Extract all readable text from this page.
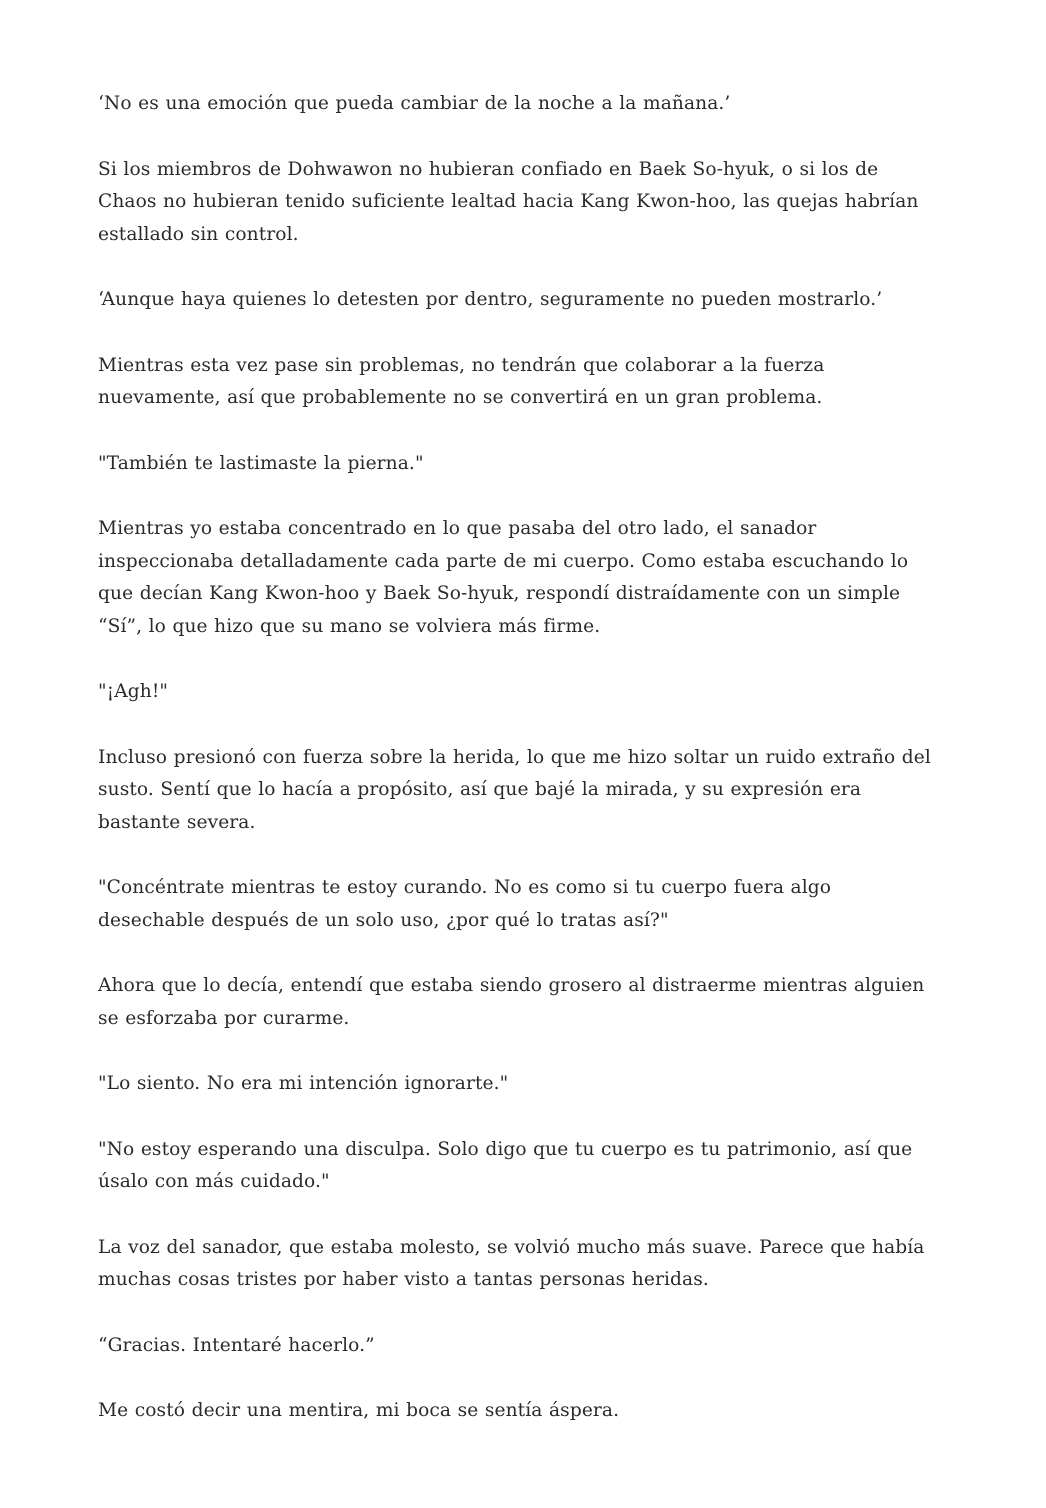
‘No es una emoción que pueda cambiar de la noche a la mañana.’

Si los miembros de Dohwawon no hubieran confiado en Baek So-hyuk, o si los de Chaos no hubieran tenido suficiente lealtad hacia Kang Kwon-hoo, las quejas habrían estallado sin control.

‘Aunque haya quienes lo detesten por dentro, seguramente no pueden mostrarlo.’

Mientras esta vez pase sin problemas, no tendrán que colaborar a la fuerza nuevamente, así que probablemente no se convertirá en un gran problema.

"También te lastimaste la pierna."

Mientras yo estaba concentrado en lo que pasaba del otro lado, el sanador inspeccionaba detalladamente cada parte de mi cuerpo. Como estaba escuchando lo que decían Kang Kwon-hoo y Baek So-hyuk, respondí distraídamente con un simple “Sí”, lo que hizo que su mano se volviera más firme.

"¡Agh!"

Incluso presionó con fuerza sobre la herida, lo que me hizo soltar un ruido extraño del susto. Sentí que lo hacía a propósito, así que bajé la mirada, y su expresión era bastante severa.

"Concéntrate mientras te estoy curando. No es como si tu cuerpo fuera algo desechable después de un solo uso, ¿por qué lo tratas así?"

Ahora que lo decía, entendí que estaba siendo grosero al distraerme mientras alguien se esforzaba por curarme.

"Lo siento. No era mi intención ignorarte."

"No estoy esperando una disculpa. Solo digo que tu cuerpo es tu patrimonio, así que úsalo con más cuidado."

La voz del sanador, que estaba molesto, se volvió mucho más suave. Parece que había muchas cosas tristes por haber visto a tantas personas heridas.

“Gracias. Intentaré hacerlo.”

Me costó decir una mentira, mi boca se sentía áspera.
